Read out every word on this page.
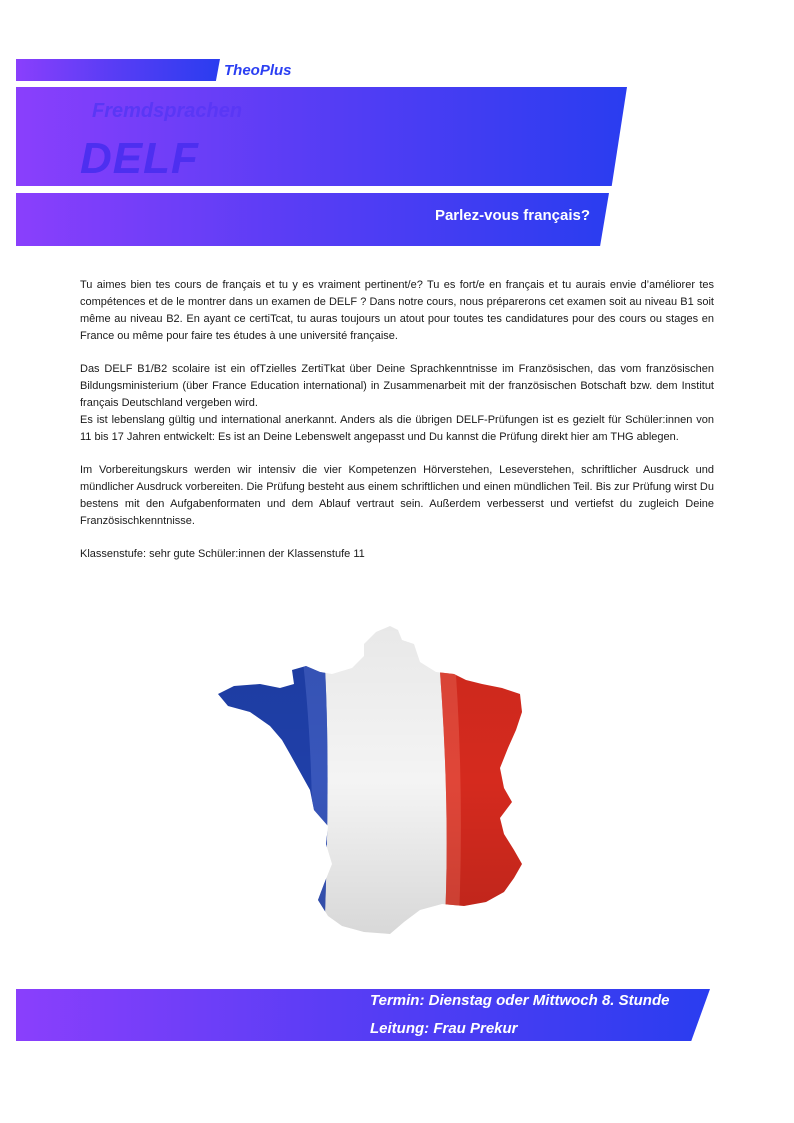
TheoPlus
Fremdsprachen
DELF
Parlez-vous français?

Tu aimes bien tes cours de français et tu y es vraiment pertinent/e? Tu es fort/e en français et tu aurais envie d’améliorer tes compétences et de le montrer dans un examen de DELF ? Dans notre cours, nous préparerons cet examen soit au niveau B1 soit même au niveau B2. En ayant ce certiTcat, tu auras toujours un atout pour toutes tes candidatures pour des cours ou stages en France ou même pour faire tes études à une université française.

Das DELF B1/B2 scolaire ist ein ofTzielles ZertiTkat über Deine Sprachkenntnisse im Französischen, das vom französischen Bildungsministerium (über France Education international) in Zusammenarbeit mit der französischen Botschaft bzw. dem Institut français Deutschland vergeben wird.

Es ist lebenslang gültig und international anerkannt. Anders als die übrigen DELF-Prüfungen ist es gezielt für Schüler:innen von 11 bis 17 Jahren entwickelt: Es ist an Deine Lebenswelt angepasst und Du kannst die Prüfung direkt hier am THG ablegen.

Im Vorbereitungskurs werden wir intensiv die vier Kompetenzen Hörverstehen, Leseverstehen, schriftlicher Ausdruck und mündlicher Ausdruck vorbereiten. Die Prüfung besteht aus einem schriftlichen und einen mündlichen Teil. Bis zur Prüfung wirst Du bestens mit den Aufgabenformaten und dem Ablauf vertraut sein. Außerdem verbesserst und vertiefst du zugleich Deine Französischkenntnisse.

Klassenstufe: sehr gute Schüler:innen der Klassenstufe 11

Termin: Dienstag oder Mittwoch 8. Stunde
Leitung: Frau Prekur
